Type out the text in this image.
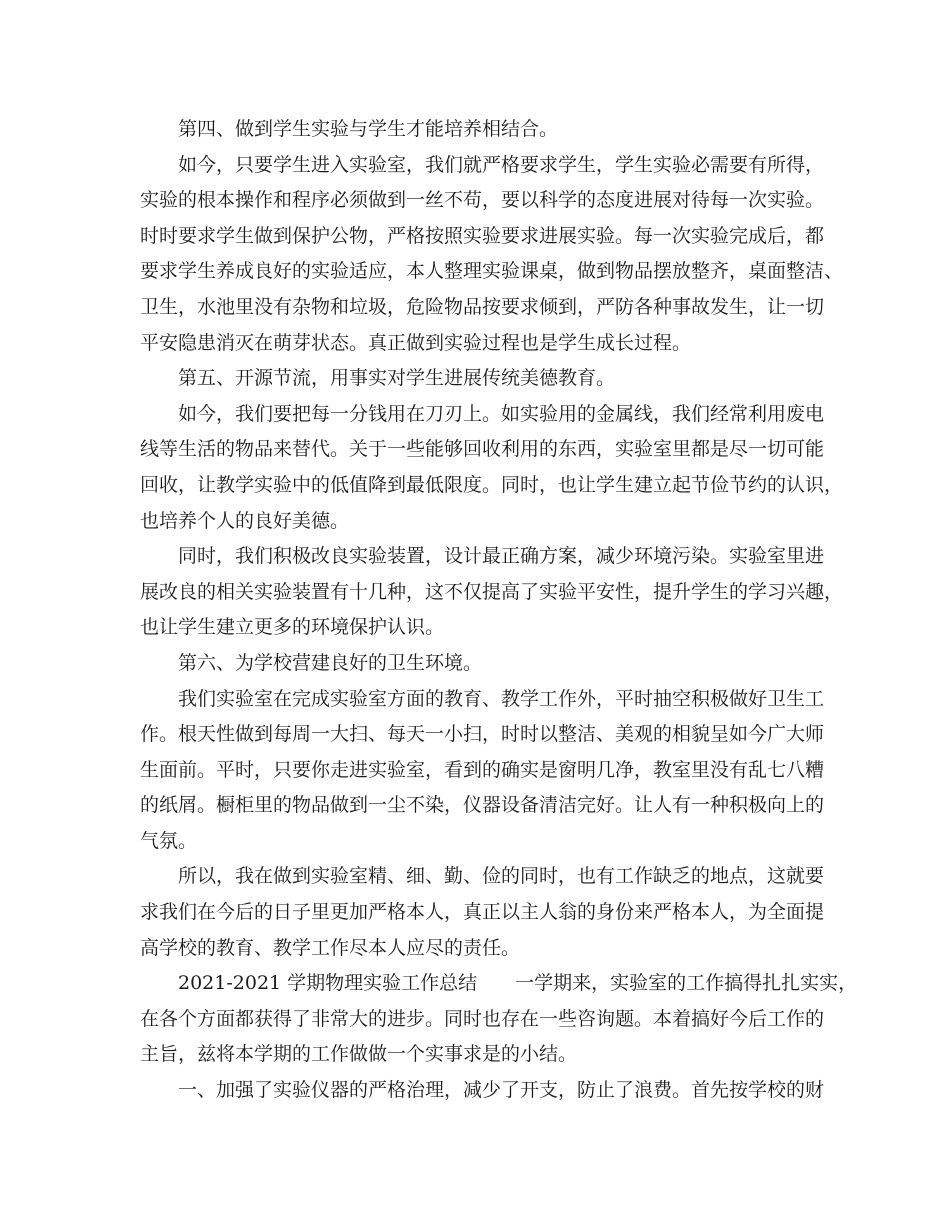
第四、做到学生实验与学生才能培养相结合。
如今，只要学生进入实验室，我们就严格要求学生，学生实验必需要有所得，
实验的根本操作和程序必须做到一丝不苟，要以科学的态度进展对待每一次实验。
时时要求学生做到保护公物，严格按照实验要求进展实验。每一次实验完成后，都
要求学生养成良好的实验适应，本人整理实验课桌，做到物品摆放整齐，桌面整洁、
卫生，水池里没有杂物和垃圾，危险物品按要求倾到，严防各种事故发生，让一切
平安隐患消灭在萌芽状态。真正做到实验过程也是学生成长过程。
第五、开源节流，用事实对学生进展传统美德教育。
如今，我们要把每一分钱用在刀刃上。如实验用的金属线，我们经常利用废电
线等生活的物品来替代。关于一些能够回收利用的东西，实验室里都是尽一切可能
回收，让教学实验中的低值降到最低限度。同时，也让学生建立起节俭节约的认识，
也培养个人的良好美德。
同时，我们积极改良实验装置，设计最正确方案，减少环境污染。实验室里进
展改良的相关实验装置有十几种，这不仅提高了实验平安性，提升学生的学习兴趣，
也让学生建立更多的环境保护认识。
第六、为学校营建良好的卫生环境。
我们实验室在完成实验室方面的教育、教学工作外，平时抽空积极做好卫生工
作。根天性做到每周一大扫、每天一小扫，时时以整洁、美观的相貌呈如今广大师
生面前。平时，只要你走进实验室，看到的确实是窗明几净，教室里没有乱七八糟
的纸屑。橱柜里的物品做到一尘不染，仪器设备清洁完好。让人有一种积极向上的
气氛。
所以，我在做到实验室精、细、勤、俭的同时，也有工作缺乏的地点，这就要
求我们在今后的日子里更加严格本人，真正以主人翁的身份来严格本人，为全面提
高学校的教育、教学工作尽本人应尽的责任。
2021-2021 学期物理实验工作总结　　一学期来，实验室的工作搞得扎扎实实，
在各个方面都获得了非常大的进步。同时也存在一些咨询题。本着搞好今后工作的
主旨，兹将本学期的工作做做一个实事求是的小结。
一、加强了实验仪器的严格治理，减少了开支，防止了浪费。首先按学校的财
